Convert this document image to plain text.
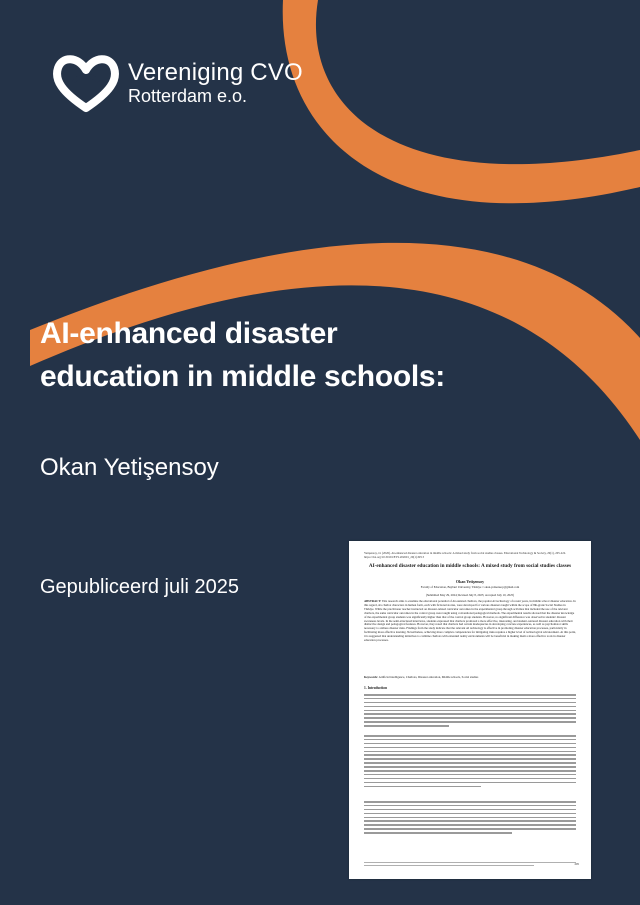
Vereniging CVO
Rotterdam e.o.
AI-enhanced disaster
education in middle schools:
Okan Yetişensoy
Gepubliceerd juli 2025
Yetişensoy, O. (2026). AI-enhanced disaster education in middle schools: A mixed study from social studies classes. Educational Technology & Society, 29(1), 205-222. https://doi.org/10.30191/ETS.202601_29(1).SP13
AI-enhanced disaster education in middle schools: A mixed study from social studies classes
Okan Yetişensoy
Faculty of Education, Bayburt University, Türkiye // okan.yetisensoy@gmail.com
(Submitted May 29, 2024; Revised July 8, 2025; Accepted July 10, 2025)
ABSTRACT: This research aims to examine the educational potential of AI-assisted chatbots, the popular AI technology of recent years, in middle school disaster education. In this regard, six chatbot characters in human form, each with fictional stories, were developed for various disasters taught within the scope of 8th-grade Social Studies in Türkiye. While the practitioner teacher instructed on disaster-related curricular outcomes in the experimental group through activities that included the use of the relevant chatbots, the same curricular outcomes in the control group were taught using conventional pedagogical methods. The experimental results showed that the disaster knowledge of the experimental group students was significantly higher than that of the control group students. However, no significant difference was observed in students' disaster awareness levels. In the semi-structured interviews, students expressed that chatbots promoted a more effective, interesting, and student-centered disaster education with their distinctive design and pedagogical features. However, they noted that chatbots had certain inadequacies in developing concrete experiences, as well as psychomotor skills necessary to address disaster risks. Findings from the study indicate that the relevant AI technology is effective in promoting disaster education processes, particularly in facilitating more effective learning. Nevertheless, achieving more complex competencies for mitigating risks requires a higher level of technological advancement. At this point, it is suggested that understanding initiatives to combine chatbots with extended reality environments will be beneficial in making them a more effective tools in disaster education processes.
Keywords: Artificial intelligence, Chatbots, Disaster education, Middle schools, Social studies
1. Introduction
205
